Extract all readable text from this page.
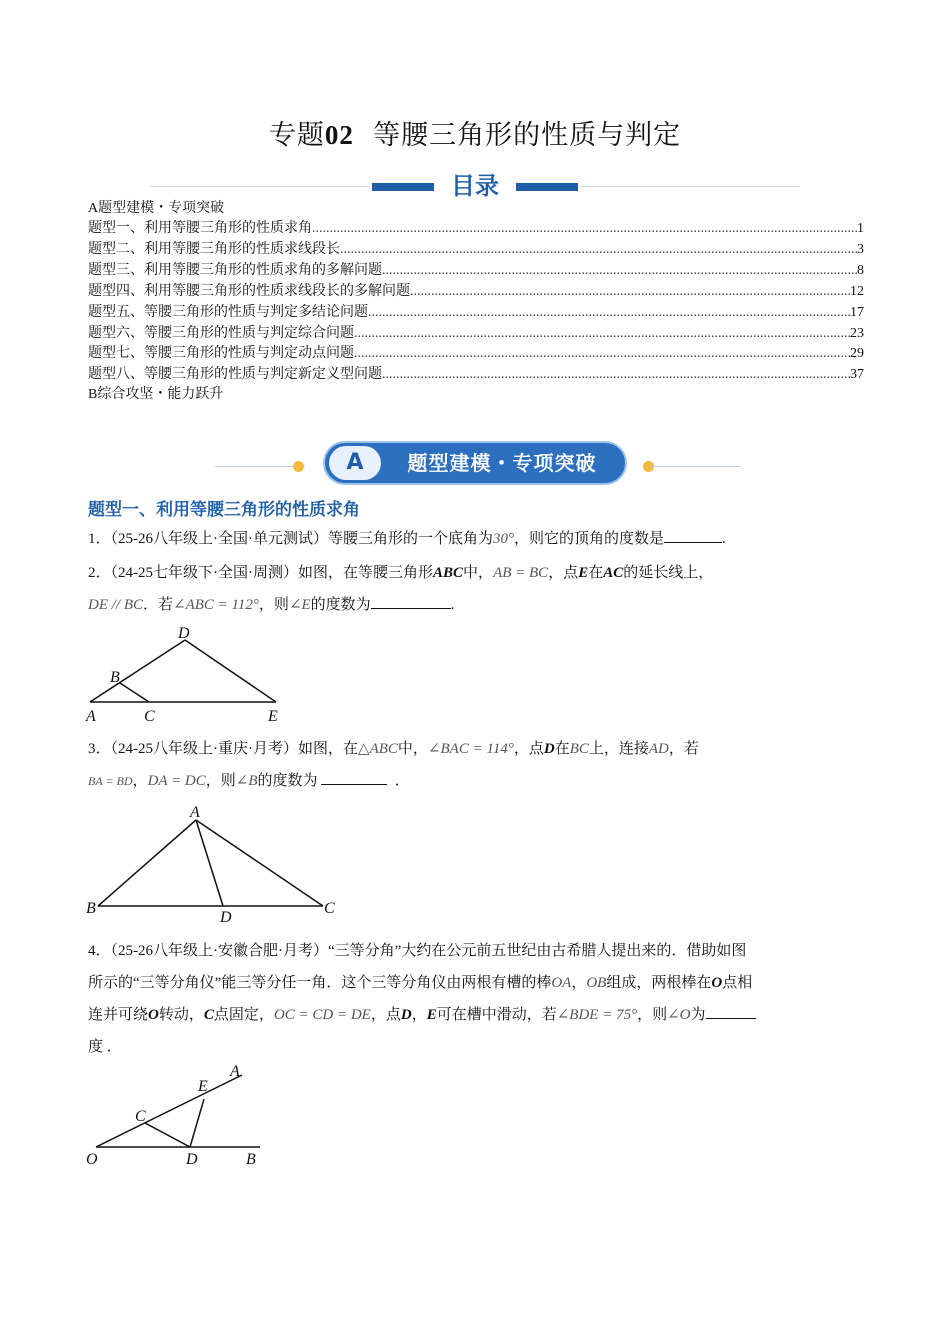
专题02 等腰三角形的性质与判定
目录
A题型建模・专项突破
题型一、利用等腰三角形的性质求角 .....	1
题型二、利用等腰三角形的性质求线段长 .....	3
题型三、利用等腰三角形的性质求角的多解问题 .....	8
题型四、利用等腰三角形的性质求线段长的多解问题 .....	12
题型五、等腰三角形的性质与判定多结论问题 .....	17
题型六、等腰三角形的性质与判定综合问题 .....	23
题型七、等腰三角形的性质与判定动点问题 .....	29
题型八、等腰三角形的性质与判定新定义型问题 .....	37
B综合攻坚・能力跃升
A	题型建模・专项突破
题型一、利用等腰三角形的性质求角
1．（25-26八年级上·全国·单元测试）等腰三角形的一个底角为30°，则它的顶角的度数是	.
2．（24-25七年级下·全国·周测）如图，在等腰三角形ABC中，AB = BC，点E在AC的延长线上，
DE // BC．若∠ABC = 112°，则∠E的度数为	.
D
B
A	C	E
3．（24-25八年级上·重庆·月考）如图，在△ABC中，∠BAC = 114°，点D在BC上，连接AD，若
BA = BD，DA = DC，则∠B的度数为	．
A
B
D
C
4．（25-26八年级上·安徽合肥·月考）“三等分角”大约在公元前五世纪由古希腊人提出来的．借助如图
所示的“三等分角仪”能三等分任一角．这个三等分角仪由两根有槽的棒OA，OB组成，两根棒在O点相
连并可绕O转动，C点固定，OC = CD = DE，点D，E可在槽中滑动，若∠BDE = 75°，则∠O为
度 ．
A
E
C
O	D	B
